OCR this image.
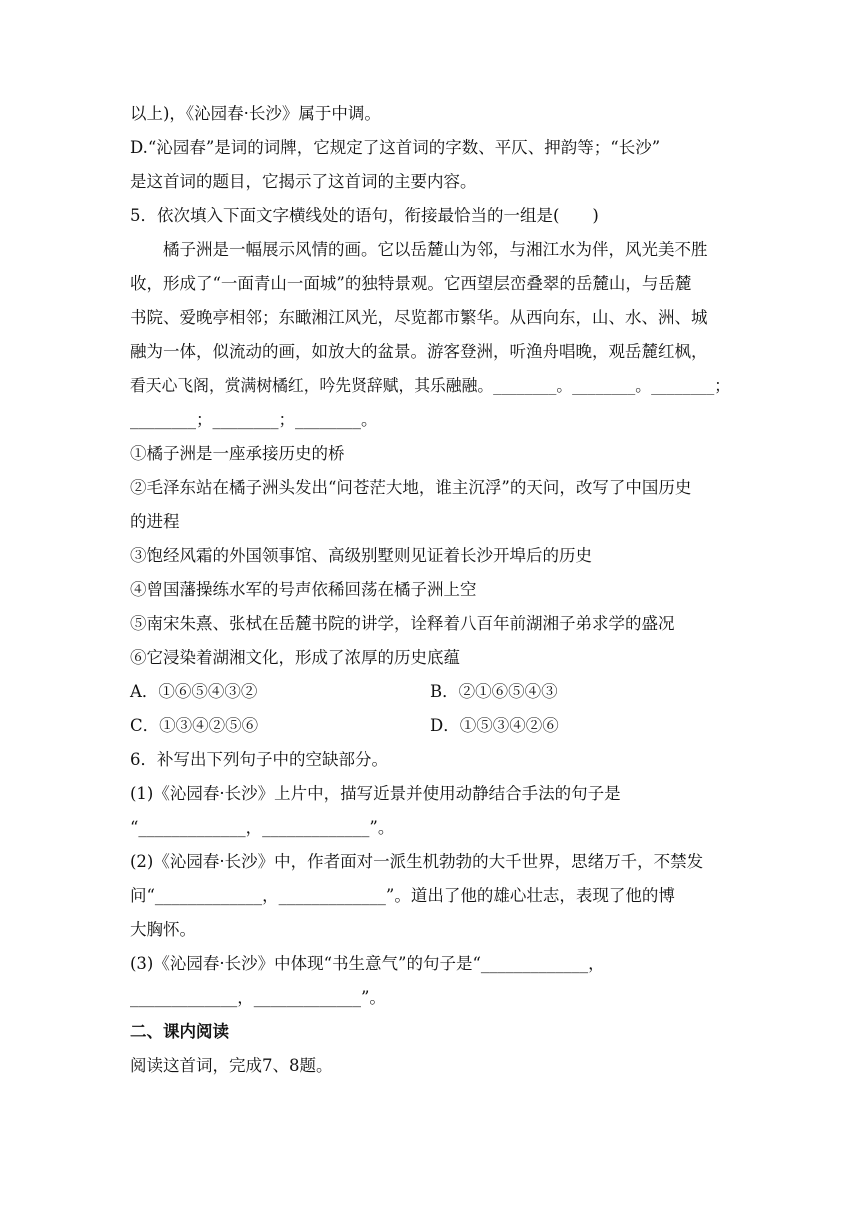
以上)，《沁园春·长沙》属于中调。
D.“沁园春”是词的词牌，它规定了这首词的字数、平仄、押韵等；“长沙”
是这首词的题目，它揭示了这首词的主要内容。
5．依次填入下面文字横线处的语句，衔接最恰当的一组是(　　)
橘子洲是一幅展示风情的画。它以岳麓山为邻，与湘江水为伴，风光美不胜
收，形成了“一面青山一面城”的独特景观。它西望层峦叠翠的岳麓山，与岳麓
书院、爱晚亭相邻；东瞰湘江风光，尽览都市繁华。从西向东，山、水、洲、城
融为一体，似流动的画，如放大的盆景。游客登洲，听渔舟唱晚，观岳麓红枫，
看天心飞阁，赏满树橘红，吟先贤辞赋，其乐融融。________。________。________；
________；________；________。
①橘子洲是一座承接历史的桥
②毛泽东站在橘子洲头发出“问苍茫大地，谁主沉浮”的天问，改写了中国历史
的进程
③饱经风霜的外国领事馆、高级别墅则见证着长沙开埠后的历史
④曾国藩操练水军的号声依稀回荡在橘子洲上空
⑤南宋朱熹、张栻在岳麓书院的讲学，诠释着八百年前湖湘子弟求学的盛况
⑥它浸染着湖湘文化，形成了浓厚的历史底蕴
A．①⑥⑤④③②	B．②①⑥⑤④③
C．①③④②⑤⑥	D．①⑤③④②⑥
6．补写出下列句子中的空缺部分。
(1)《沁园春·长沙》上片中，描写近景并使用动静结合手法的句子是
“_____________，_____________”。
(2)《沁园春·长沙》中，作者面对一派生机勃勃的大千世界，思绪万千，不禁发
问“_____________，_____________”。道出了他的雄心壮志，表现了他的博
大胸怀。
(3)《沁园春·长沙》中体现“书生意气”的句子是“_____________，
_____________，_____________”。
二、课内阅读
阅读这首词，完成7、8题。
